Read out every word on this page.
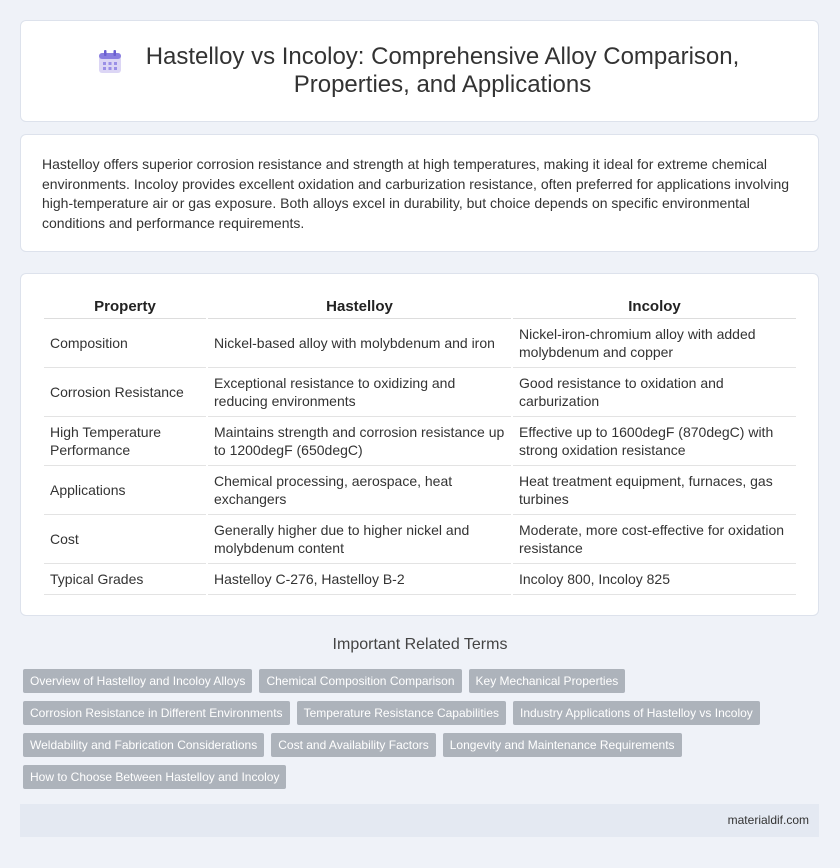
Hastelloy vs Incoloy: Comprehensive Alloy Comparison, Properties, and Applications

Hastelloy offers superior corrosion resistance and strength at high temperatures, making it ideal for extreme chemical environments. Incoloy provides excellent oxidation and carburization resistance, often preferred for applications involving high-temperature air or gas exposure. Both alloys excel in durability, but choice depends on specific environmental conditions and performance requirements.

Property	Hastelloy	Incoloy
Composition	Nickel-based alloy with molybdenum and iron	Nickel-iron-chromium alloy with added molybdenum and copper
Corrosion Resistance	Exceptional resistance to oxidizing and reducing environments	Good resistance to oxidation and carburization
High Temperature Performance	Maintains strength and corrosion resistance up to 1200degF (650degC)	Effective up to 1600degF (870degC) with strong oxidation resistance
Applications	Chemical processing, aerospace, heat exchangers	Heat treatment equipment, furnaces, gas turbines
Cost	Generally higher due to higher nickel and molybdenum content	Moderate, more cost-effective for oxidation resistance
Typical Grades	Hastelloy C-276, Hastelloy B-2	Incoloy 800, Incoloy 825
Important Related Terms
Overview of Hastelloy and Incoloy Alloys Chemical Composition Comparison Key Mechanical Properties
Corrosion Resistance in Different Environments Temperature Resistance Capabilities Industry Applications of Hastelloy vs Incoloy
Weldability and Fabrication Considerations Cost and Availability Factors Longevity and Maintenance Requirements
How to Choose Between Hastelloy and Incoloy
materialdif.com
